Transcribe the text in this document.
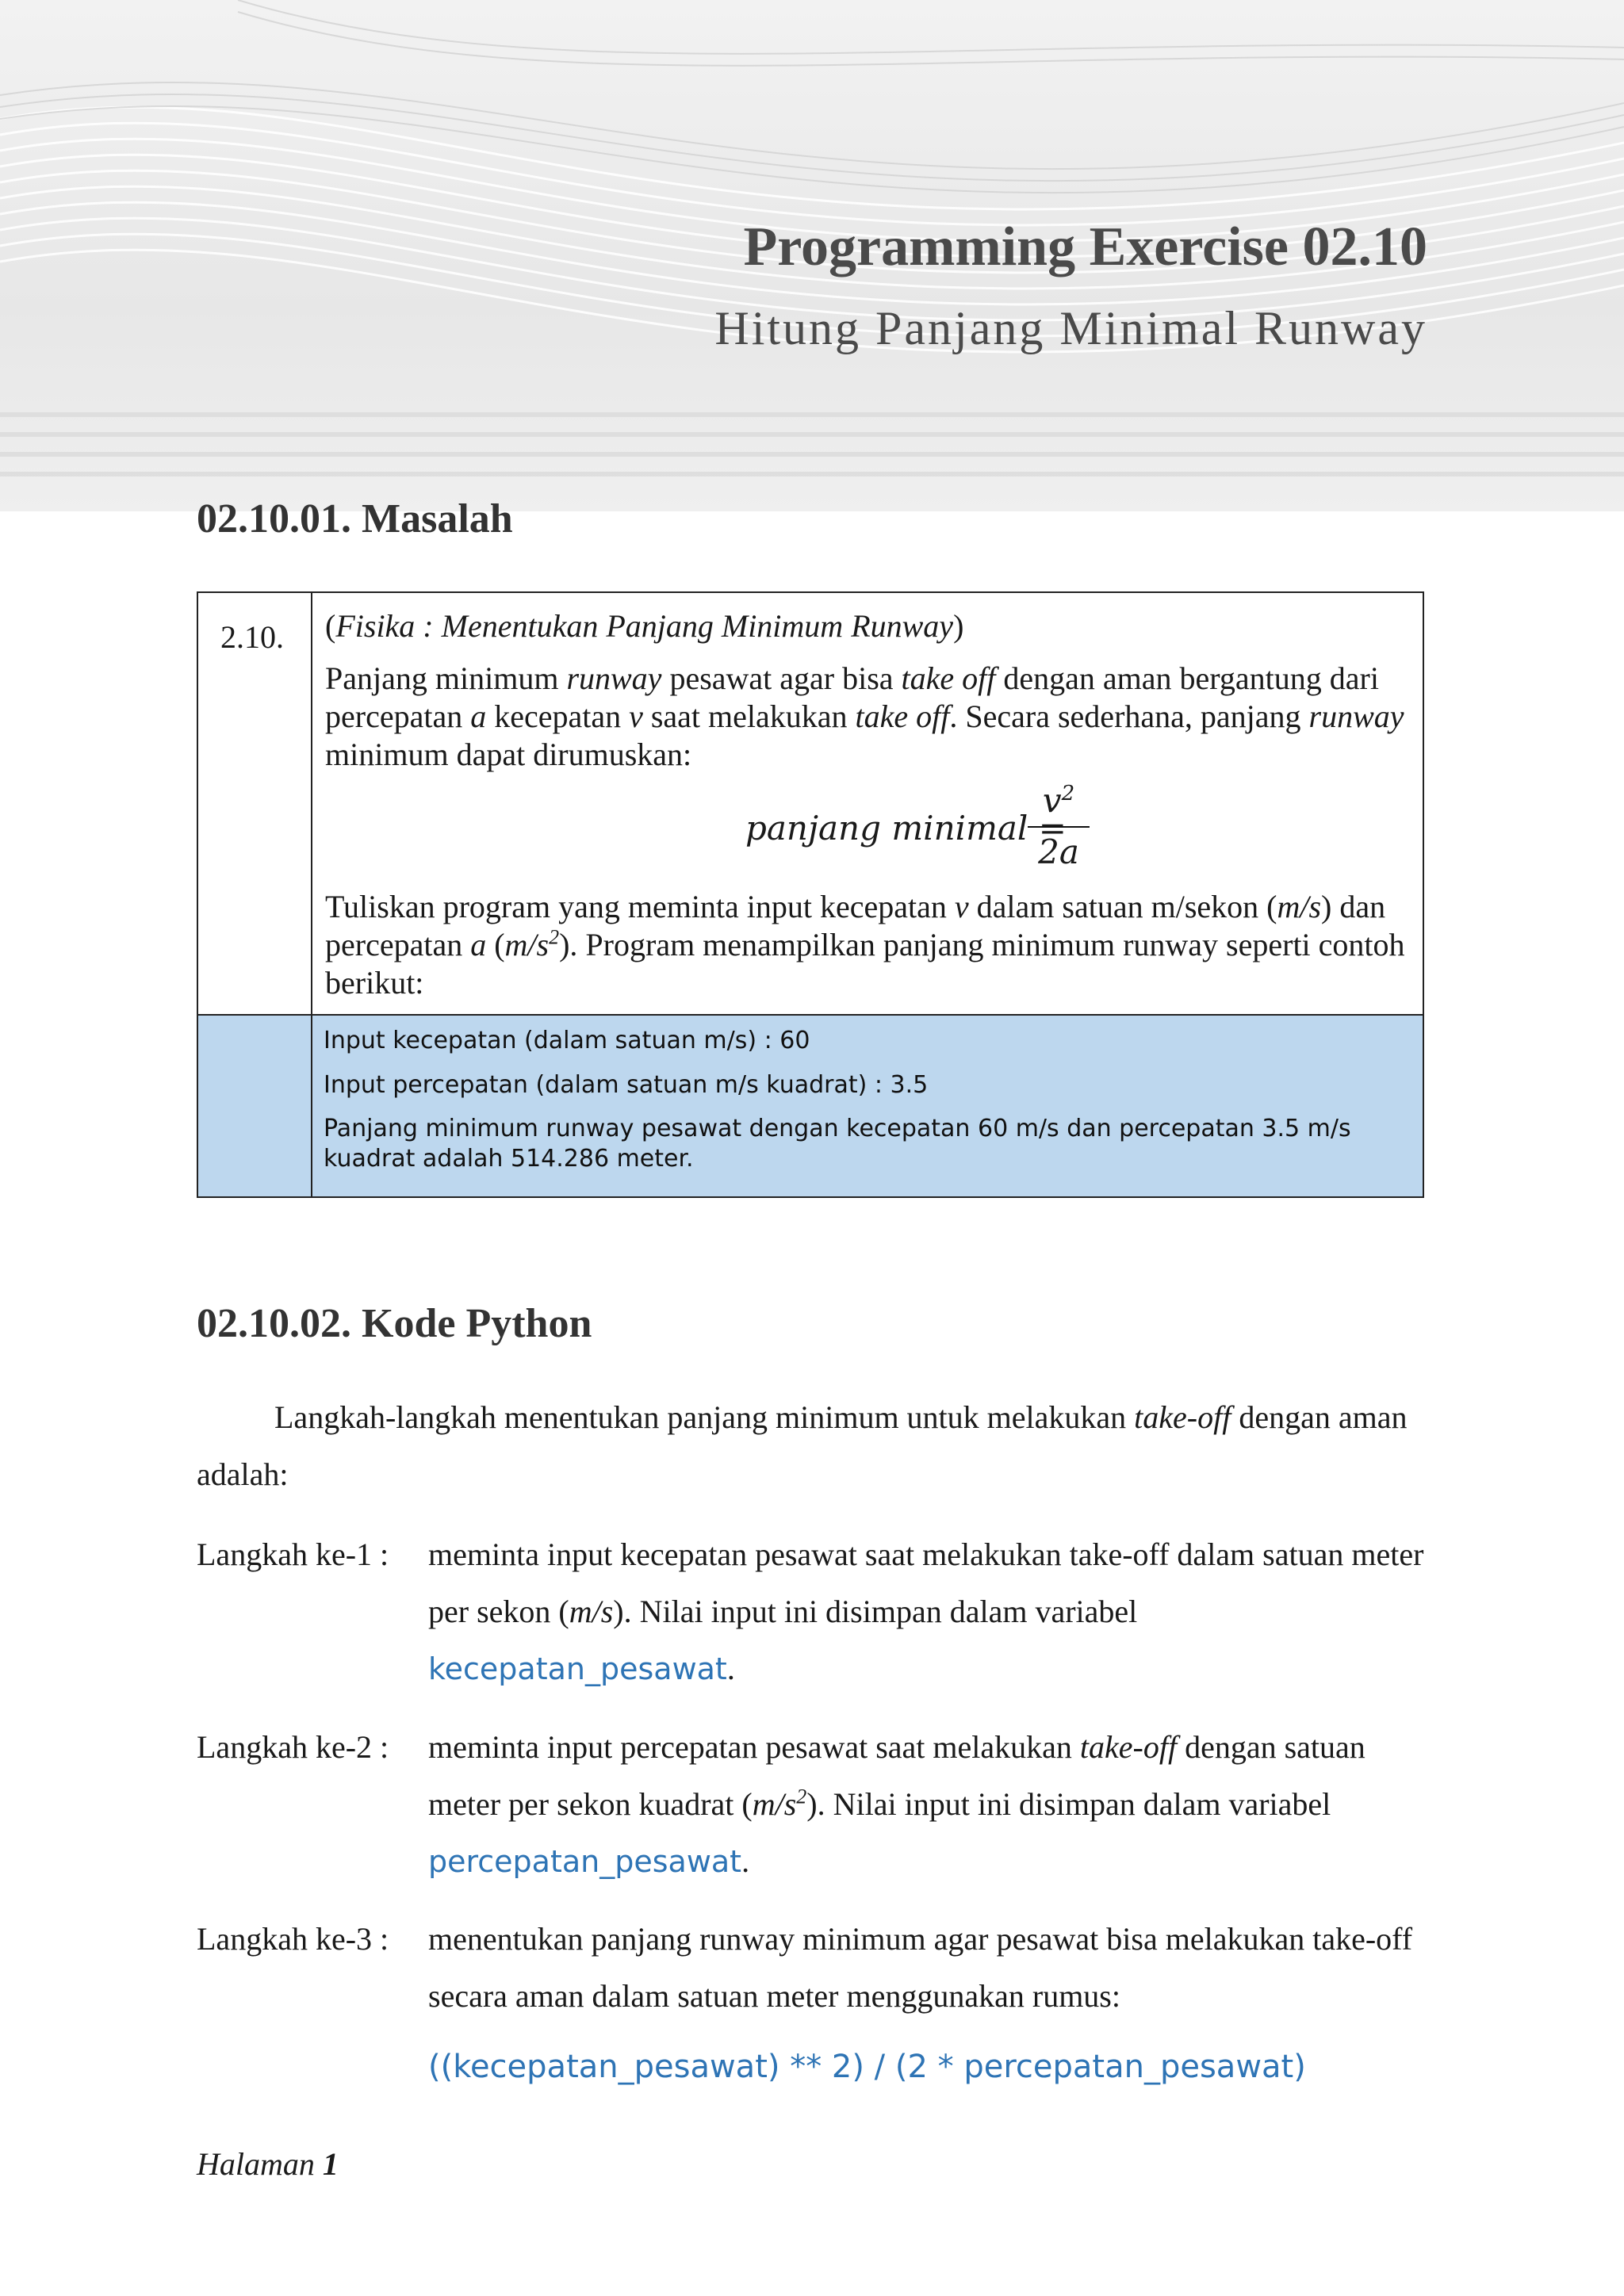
Programming Exercise 02.10
Hitung Panjang Minimal Runway
02.10.01. Masalah
2.10. (Fisika : Menentukan Panjang Minimum Runway)

Panjang minimum runway pesawat agar bisa take off dengan aman bergantung dari percepatan a kecepatan v saat melakukan take off. Secara sederhana, panjang runway minimum dapat dirumuskan:

panjang minimal =
$v^2$
2a
Tuliskan program yang meminta input kecepatan v dalam satuan m/sekon (m/s) dan percepatan a $(m/s^2)$. Program menampilkan panjang minimum runway seperti contoh berikut:
Input kecepatan (dalam satuan m/s) : 60
Input percepatan (dalam satuan m/s kuadrat) : 3.5
Panjang minimum runway pesawat dengan kecepatan 60 m/s dan percepatan 3.5 m/s kuadrat adalah 514.286 meter.
02.10.02. Kode Python
Langkah-langkah menentukan panjang minimum untuk melakukan take-off dengan aman adalah:
Langkah ke-1 : meminta input kecepatan pesawat saat melakukan take-off dalam satuan meter per sekon (m/s). Nilai input ini disimpan dalam variabel
kecepatan_pesawat.
Langkah ke-2 : meminta input percepatan pesawat saat melakukan take-off dengan satuan meter per sekon kuadrat $(m/s^2)$. Nilai input ini disimpan dalam variabel
percepatan_pesawat.
Langkah ke-3 : menentukan panjang runway minimum agar pesawat bisa melakukan take-off secara aman dalam satuan meter menggunakan rumus:
((kecepatan_pesawat) ** 2) / (2 * percepatan_pesawat)
Halaman 1
